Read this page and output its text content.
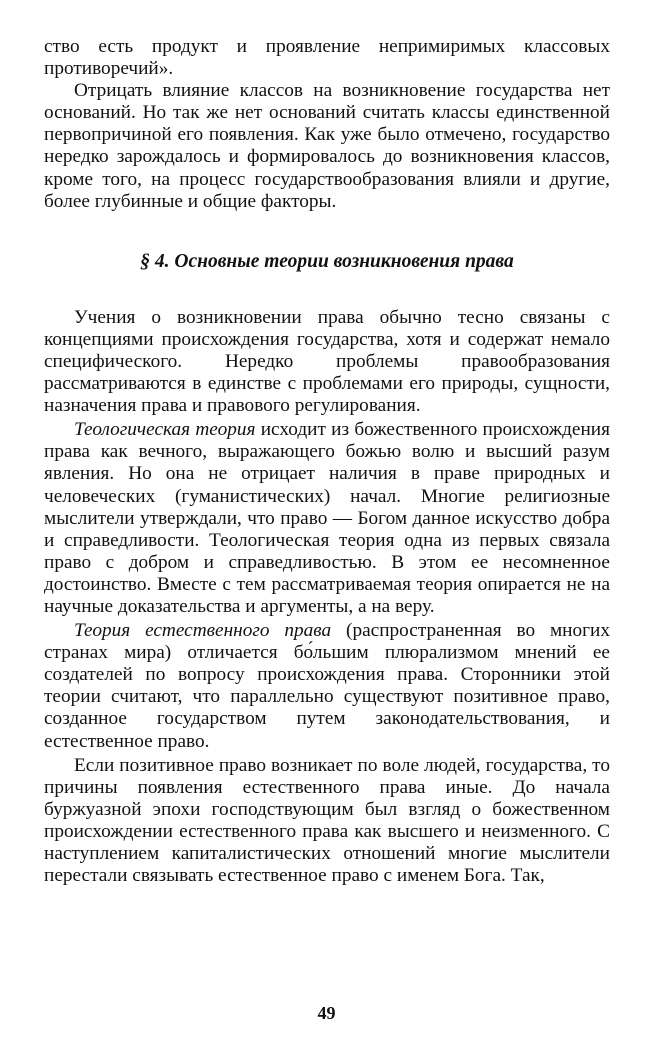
ство есть продукт и проявление непримиримых классовых противоречий».

Отрицать влияние классов на возникновение государства нет оснований. Но так же нет оснований считать классы единственной первопричиной его появления. Как уже было отмечено, государство нередко зарождалось и формировалось до возникновения классов, кроме того, на процесс государствообразования влияли и другие, более глубинные и общие факторы.

§ 4. Основные теории возникновения права

Учения о возникновении права обычно тесно связаны с концепциями происхождения государства, хотя и содержат немало специфического. Нередко проблемы правообразования рассматриваются в единстве с проблемами его природы, сущности, назначения права и правового регулирования.

Теологическая теория исходит из божественного происхождения права как вечного, выражающего божью волю и высший разум явления. Но она не отрицает наличия в праве природных и человеческих (гуманистических) начал. Многие религиозные мыслители утверждали, что право — Богом данное искусство добра и справедливости. Теологическая теория одна из первых связала право с добром и справедливостью. В этом ее несомненное достоинство. Вместе с тем рассматриваемая теория опирается не на научные доказательства и аргументы, а на веру.

Теория естественного права (распространенная во многих странах мира) отличается бо́льшим плюрализмом мнений ее создателей по вопросу происхождения права. Сторонники этой теории считают, что параллельно существуют позитивное право, созданное государством путем законодательствования, и естественное право.

Если позитивное право возникает по воле людей, государства, то причины появления естественного права иные. До начала буржуазной эпохи господствующим был взгляд о божественном происхождении естественного права как высшего и неизменного. С наступлением капиталистических отношений многие мыслители перестали связывать естественное право с именем Бога. Так,

49
